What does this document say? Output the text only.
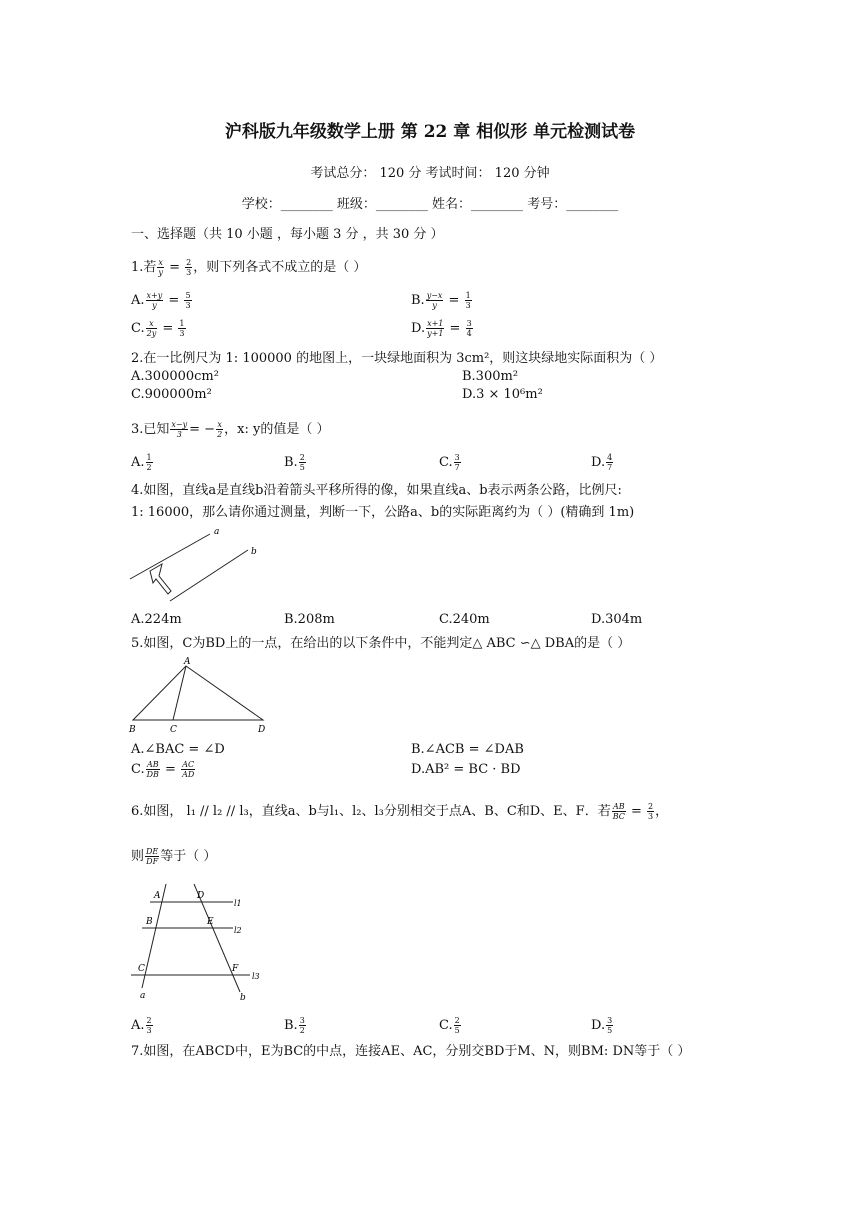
沪科版九年级数学上册 第 22 章 相似形 单元检测试卷
考试总分： 120 分 考试时间： 120 分钟
学校：________ 班级：________ 姓名：________ 考号：________
一、选择题（共 10 小题 ，每小题 3 分 ，共 30 分 ）
1.若 $\frac{x}{y} = \frac{2}{3}$ ，则下列各式不成立的是（ ）
A. $\frac{x+y}{y} = \frac{5}{3}$	B. $\frac{y-x}{y} = \frac{1}{3}$
C. $\frac{x}{2y} = \frac{1}{3}$	D. $\frac{x+1}{y+1} = \frac{3}{4}$
2.在一比例尺为 1: 100000 的地图上，一块绿地面积为 3cm²，则这块绿地实际面积为（ ）
A.300000cm²	B.300m²
C.900000m²	D.3 × 10⁶m²
3.已知 $\frac{x-y}{3}$ = − $\frac{x}{2}$ ，x: y的值是（ ）
A. $\frac{1}{2}$	B. $\frac{2}{5}$	C. $\frac{3}{7}$	D. $\frac{4}{7}$
4.如图，直线a是直线b沿着箭头平移所得的像，如果直线a、b表示两条公路，比例尺:
1: 16000，那么请你通过测量，判断一下，公路a、b的实际距离约为（ ）(精确到 1m)
a
b
A.224m	B.208m	C.240m	D.304m
5.如图，C为BD上的一点，在给出的以下条件中，不能判定△ ABC ∽△ DBA的是（ ）
A
B	C	D
A.∠BAC = ∠D	B.∠ACB = ∠DAB
C. $\frac{AB}{DB} = \frac{AC}{AD}$	D.AB² = BC · BD
6.如图， l₁ // l₂ // l₃，直线a、b与l₁、l₂、l₃分别相交于点A、B、C和D、E、F．若 $\frac{AB}{BC} = \frac{2}{3}$ ，
则 $\frac{DE}{DF}$ 等于（ ）
A	D
l1
B	E
l2
C	F
l3
a	b
A. $\frac{2}{3}$	B. $\frac{3}{2}$	C. $\frac{2}{5}$	D. $\frac{3}{5}$
7.如图，在ABCD中，E为BC的中点，连接AE、AC，分别交BD于M、N，则BM: DN等于（ ）
